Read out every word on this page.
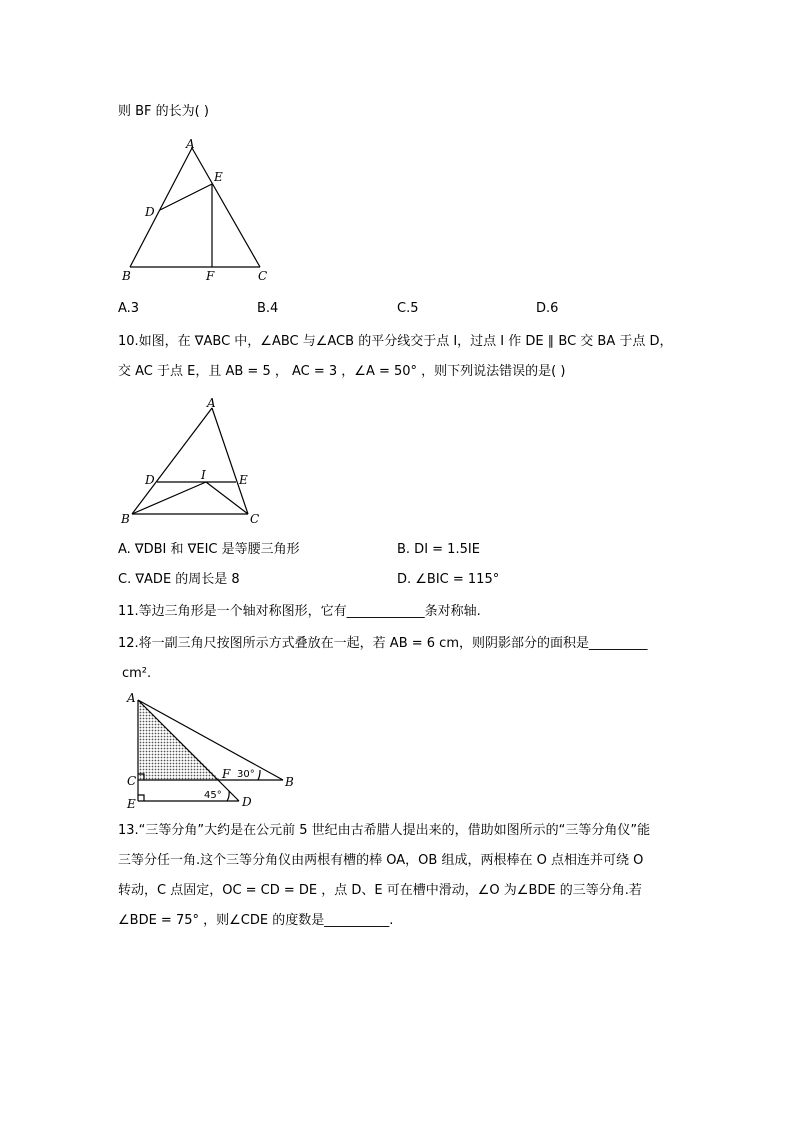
则 BF 的长为( )
A
E
D
B	F	C
A.3	B.4	C.5	D.6
10.如图，在 ∇ABC 中，∠ABC 与∠ACB 的平分线交于点 I，过点 I 作 DE ∥ BC 交 BA 于点 D，
交 AC 于点 E，且 AB = 5 ， AC = 3 ，∠A = 50° ，则下列说法错误的是( )
A
D	I	E
B	C
A. ∇DBI 和 ∇EIC 是等腰三角形	B. DI = 1.5IE
C. ∇ADE 的周长是 8	D. ∠BIC = 115°
11.等边三角形是一个轴对称图形，它有____________条对称轴.
12.将一副三角尺按图所示方式叠放在一起，若 AB = 6 cm，则阴影部分的面积是_________
cm².
A
C
E
F
B
D
30°
45°
13.“三等分角”大约是在公元前 5 世纪由古希腊人提出来的，借助如图所示的“三等分角仪”能
三等分任一角.这个三等分角仪由两根有槽的棒 OA，OB 组成，两根棒在 O 点相连并可绕 O
转动，C 点固定，OC = CD = DE ，点 D、E 可在槽中滑动，∠O 为∠BDE 的三等分角.若
∠BDE = 75° ，则∠CDE 的度数是__________.
